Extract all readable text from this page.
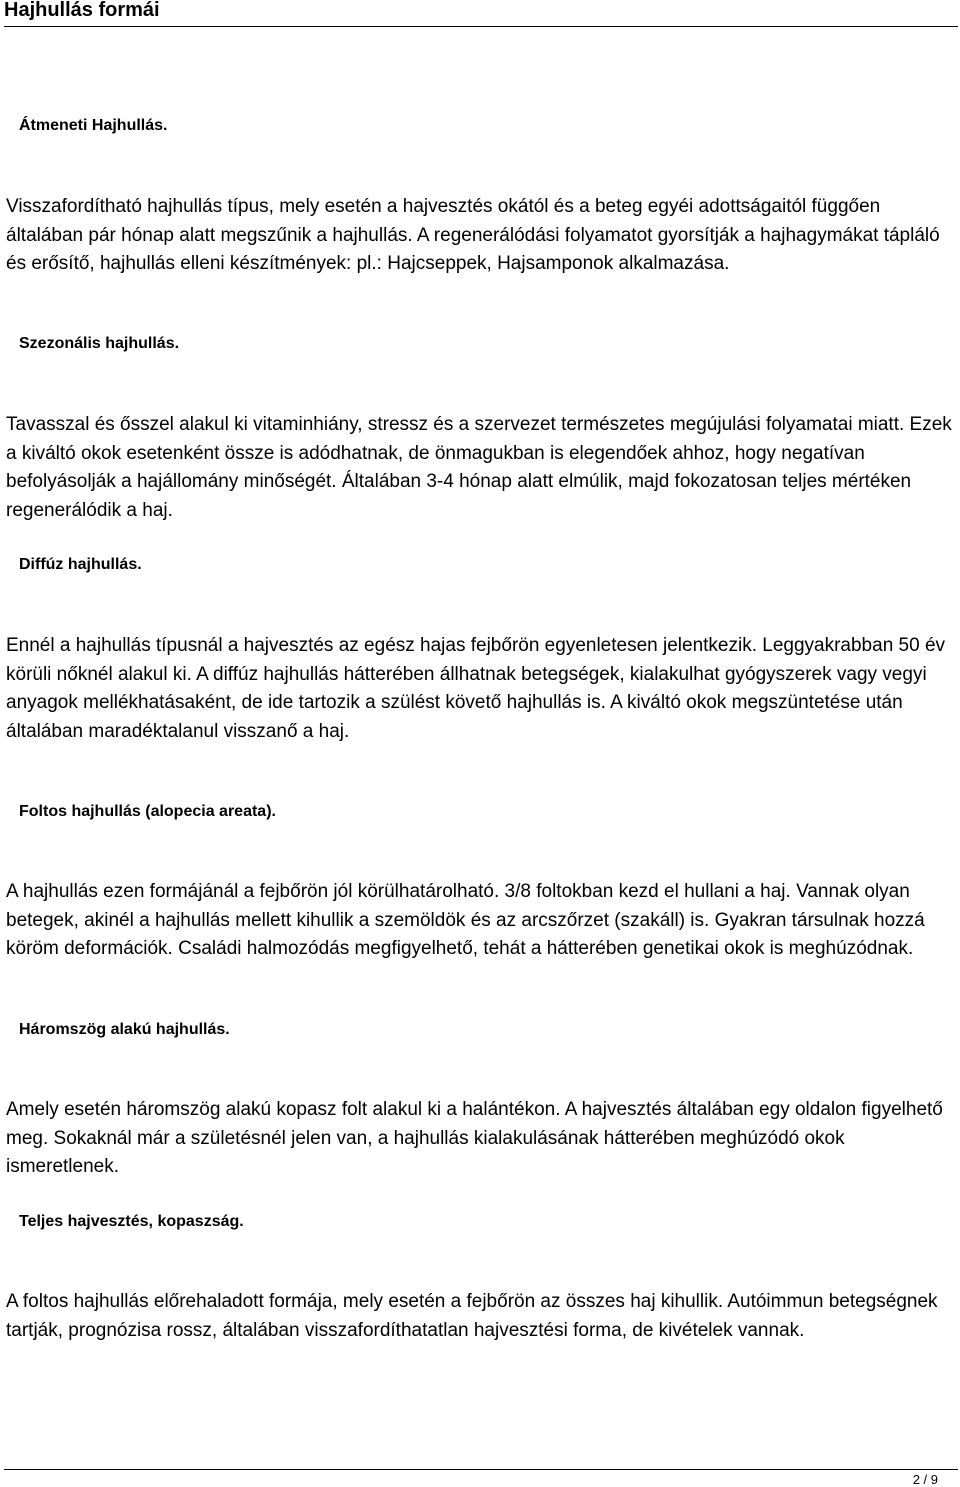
Hajhullás formái
Átmeneti Hajhullás.

Visszafordítható hajhullás típus, mely esetén a hajvesztés okától és a beteg egyéi adottságaitól függően általában pár hónap alatt megszűnik a hajhullás. A regenerálódási folyamatot gyorsítják a hajhagymákat tápláló és erősítő, hajhullás elleni készítmények: pl.: Hajcseppek, Hajsamponok alkalmazása.

Szezonális hajhullás.

Tavasszal és ősszel alakul ki vitaminhiány, stressz és a szervezet természetes megújulási folyamatai miatt. Ezek a kiváltó okok esetenként össze is adódhatnak, de önmagukban is elegendőek ahhoz, hogy negatívan befolyásolják a hajállomány minőségét. Általában 3-4 hónap alatt elmúlik, majd fokozatosan teljes mértéken regenerálódik a haj.

Diffúz hajhullás.

Ennél a hajhullás típusnál a hajvesztés az egész hajas fejbőrön egyenletesen jelentkezik. Leggyakrabban 50 év körüli nőknél alakul ki. A diffúz hajhullás hátterében állhatnak betegségek, kialakulhat gyógyszerek vagy vegyi anyagok mellékhatásaként, de ide tartozik a szülést követő hajhullás is. A kiváltó okok megszüntetése után általában maradéktalanul visszanő a haj.

Foltos hajhullás (alopecia areata).

A hajhullás ezen formájánál a fejbőrön jól körülhatárolható. 3/8 foltokban kezd el hullani a haj. Vannak olyan betegek, akinél a hajhullás mellett kihullik a szemöldök és az arcszőrzet (szakáll) is. Gyakran társulnak hozzá köröm deformációk. Családi halmozódás megfigyelhető, tehát a hátterében genetikai okok is meghúzódnak.

Háromszög alakú hajhullás.

Amely esetén háromszög alakú kopasz folt alakul ki a halántékon. A hajvesztés általában egy oldalon figyelhető meg. Sokaknál már a születésnél jelen van, a hajhullás kialakulásának hátterében meghúzódó okok ismeretlenek.

Teljes hajvesztés, kopaszság.

A foltos hajhullás előrehaladott formája, mely esetén a fejbőrön az összes haj kihullik. Autóimmun betegségnek tartják, prognózisa rossz, általában visszafordíthatatlan hajvesztési forma, de kivételek vannak.

2 / 9
